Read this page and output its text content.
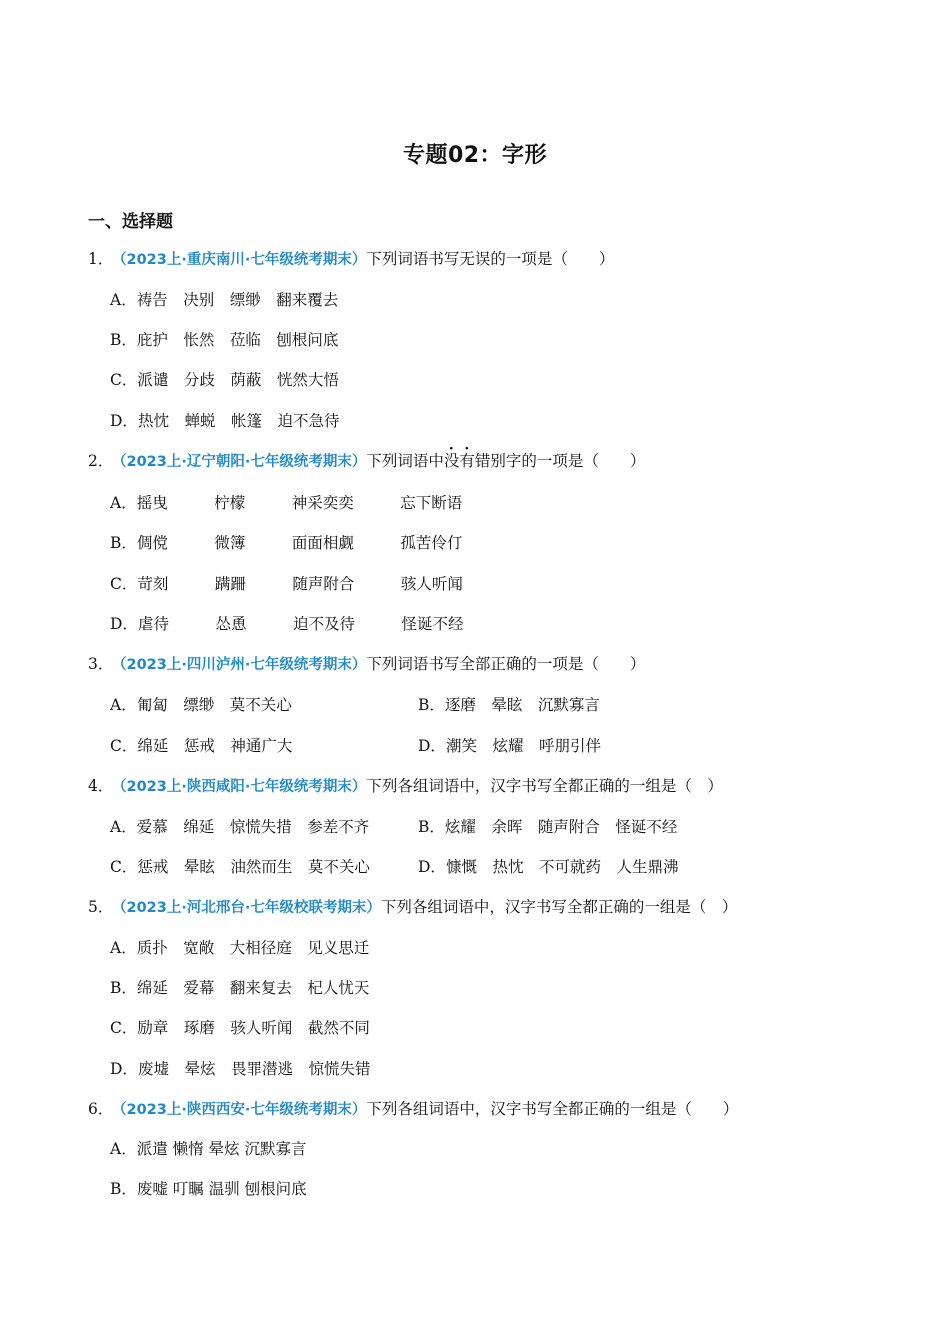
专题02：字形
一、选择题
1．（2023上·重庆南川·七年级统考期末）下列词语书写无误的一项是（　　）
A．祷告　决别　缥缈　翻来覆去
B．庇护　怅然　莅临　刨根问底
C．派谴　分歧　荫蔽　恍然大悟
D．热忱　蝉蜕　帐篷　迫不急待
2．（2023上·辽宁朝阳·七年级统考期末）下列词语中没有错别字的一项是（　　）
A．摇曳　　　柠檬　　　神采奕奕　　　忘下断语
B．倜傥　　　微簿　　　面面相觑　　　孤苦伶仃
C．苛刻　　　蹒跚　　　随声附合　　　骇人听闻
D．虐待　　　怂恿　　　迫不及待　　　怪诞不经
3．（2023上·四川泸州·七年级统考期末）下列词语书写全部正确的一项是（　　）
A．匍匐　缥缈　莫不关心	B．逐磨　晕眩　沉默寡言
C．绵延　惩戒　神通广大	D．潮笑　炫耀　呼朋引伴
4．（2023上·陕西咸阳·七年级统考期末）下列各组词语中，汉字书写全都正确的一组是（　）
A．爱慕　绵延　惊慌失措　参差不齐	B．炫耀　余晖　随声附合　怪诞不经
C．惩戒　晕眩　油然而生　莫不关心	D．慷慨　热忱　不可就药　人生鼎沸
5．（2023上·河北邢台·七年级校联考期末）下列各组词语中，汉字书写全都正确的一组是（　）
A．质扑　宽敞　大相径庭　见义思迁
B．绵延　爱幕　翻来复去　杞人忧天
C．励章　琢磨　骇人听闻　截然不同
D．废墟　晕炫　畏罪潜逃　惊慌失错
6．（2023上·陕西西安·七年级统考期末）下列各组词语中，汉字书写全都正确的一组是（　　）
A．派遣 懒惰 晕炫 沉默寡言
B．废嘘 叮瞩 温驯 刨根问底
